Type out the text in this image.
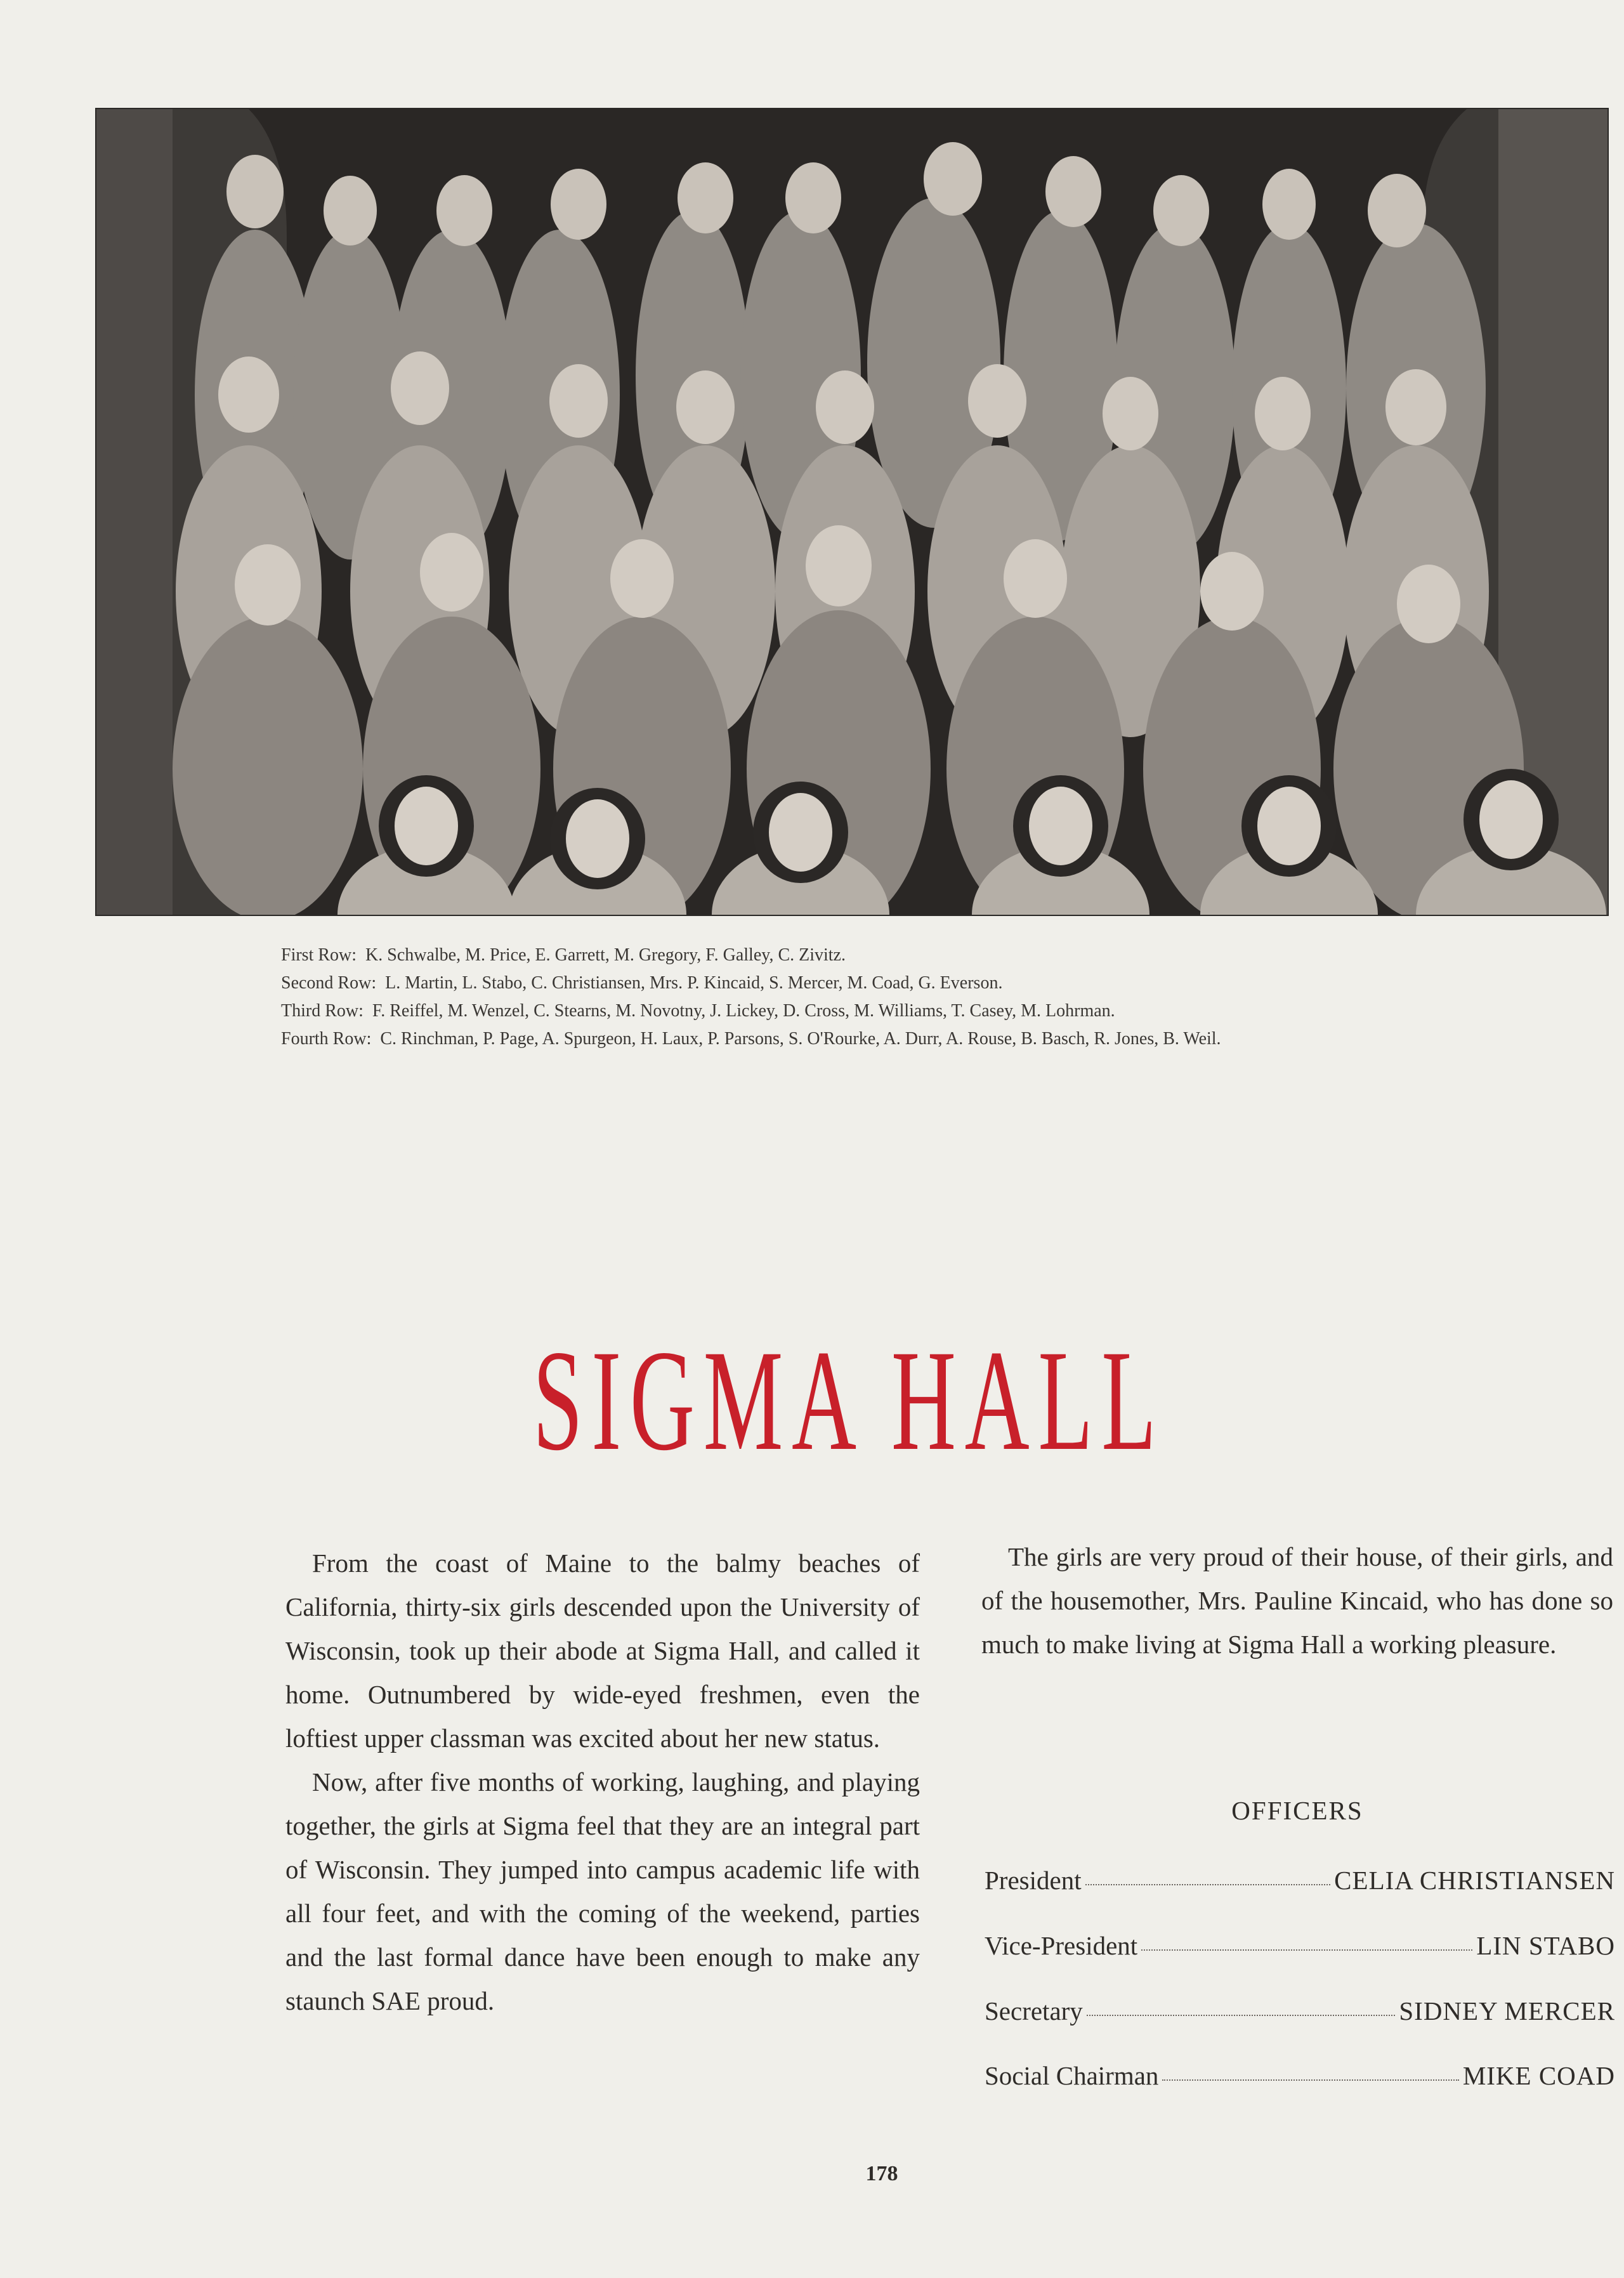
First Row: K. Schwalbe, M. Price, E. Garrett, M. Gregory, F. Galley, C. Zivitz.
Second Row: L. Martin, L. Stabo, C. Christiansen, Mrs. P. Kincaid, S. Mercer, M. Coad, G. Everson.
Third Row: F. Reiffel, M. Wenzel, C. Stearns, M. Novotny, J. Lickey, D. Cross, M. Williams, T. Casey, M. Lohrman.
Fourth Row: C. Rinchman, P. Page, A. Spurgeon, H. Laux, P. Parsons, S. O'Rourke, A. Durr, A. Rouse, B. Basch, R. Jones, B. Weil.
SIGMA HALL

From the coast of Maine to the balmy beaches of California, thirty-six girls descended upon the University of Wisconsin, took up their abode at Sigma Hall, and called it home. Outnumbered by wide-eyed freshmen, even the loftiest upper classman was excited about her new status.

Now, after five months of working, laughing, and playing together, the girls at Sigma feel that they are an integral part of Wisconsin. They jumped into campus academic life with all four feet, and with the coming of the weekend, parties and the last formal dance have been enough to make any staunch SAE proud.

The girls are very proud of their house, of their girls, and of the housemother, Mrs. Pauline Kincaid, who has done so much to make living at Sigma Hall a working pleasure.

OFFICERS
President	CELIA CHRISTIANSEN
Vice-President	LIN STABO
Secretary	SIDNEY MERCER
Social Chairman	MIKE COAD
178
